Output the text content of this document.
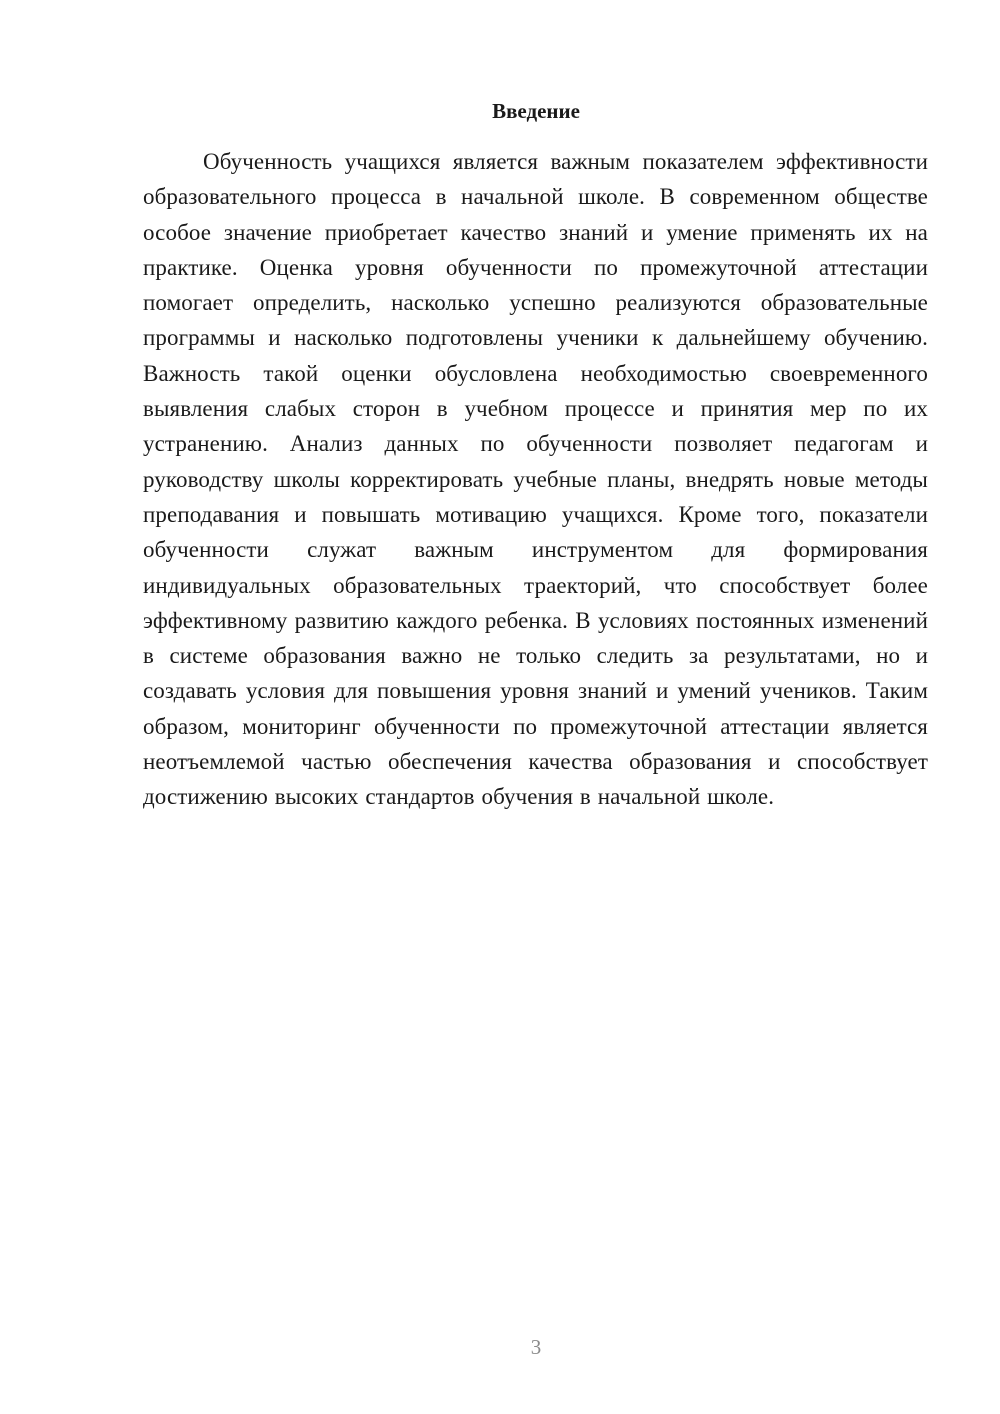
Введение

Обученность учащихся является важным показателем эффективности образовательного процесса в начальной школе. В современном обществе особое значение приобретает качество знаний и умение применять их на практике. Оценка уровня обученности по промежуточной аттестации помогает определить, насколько успешно реализуются образовательные программы и насколько подготовлены ученики к дальнейшему обучению. Важность такой оценки обусловлена необходимостью своевременного выявления слабых сторон в учебном процессе и принятия мер по их устранению. Анализ данных по обученности позволяет педагогам и руководству школы корректировать учебные планы, внедрять новые методы преподавания и повышать мотивацию учащихся. Кроме того, показатели обученности служат важным инструментом для формирования индивидуальных образовательных траекторий, что способствует более эффективному развитию каждого ребенка. В условиях постоянных изменений в системе образования важно не только следить за результатами, но и создавать условия для повышения уровня знаний и умений учеников. Таким образом, мониторинг обученности по промежуточной аттестации является неотъемлемой частью обеспечения качества образования и способствует достижению высоких стандартов обучения в начальной школе.

3
